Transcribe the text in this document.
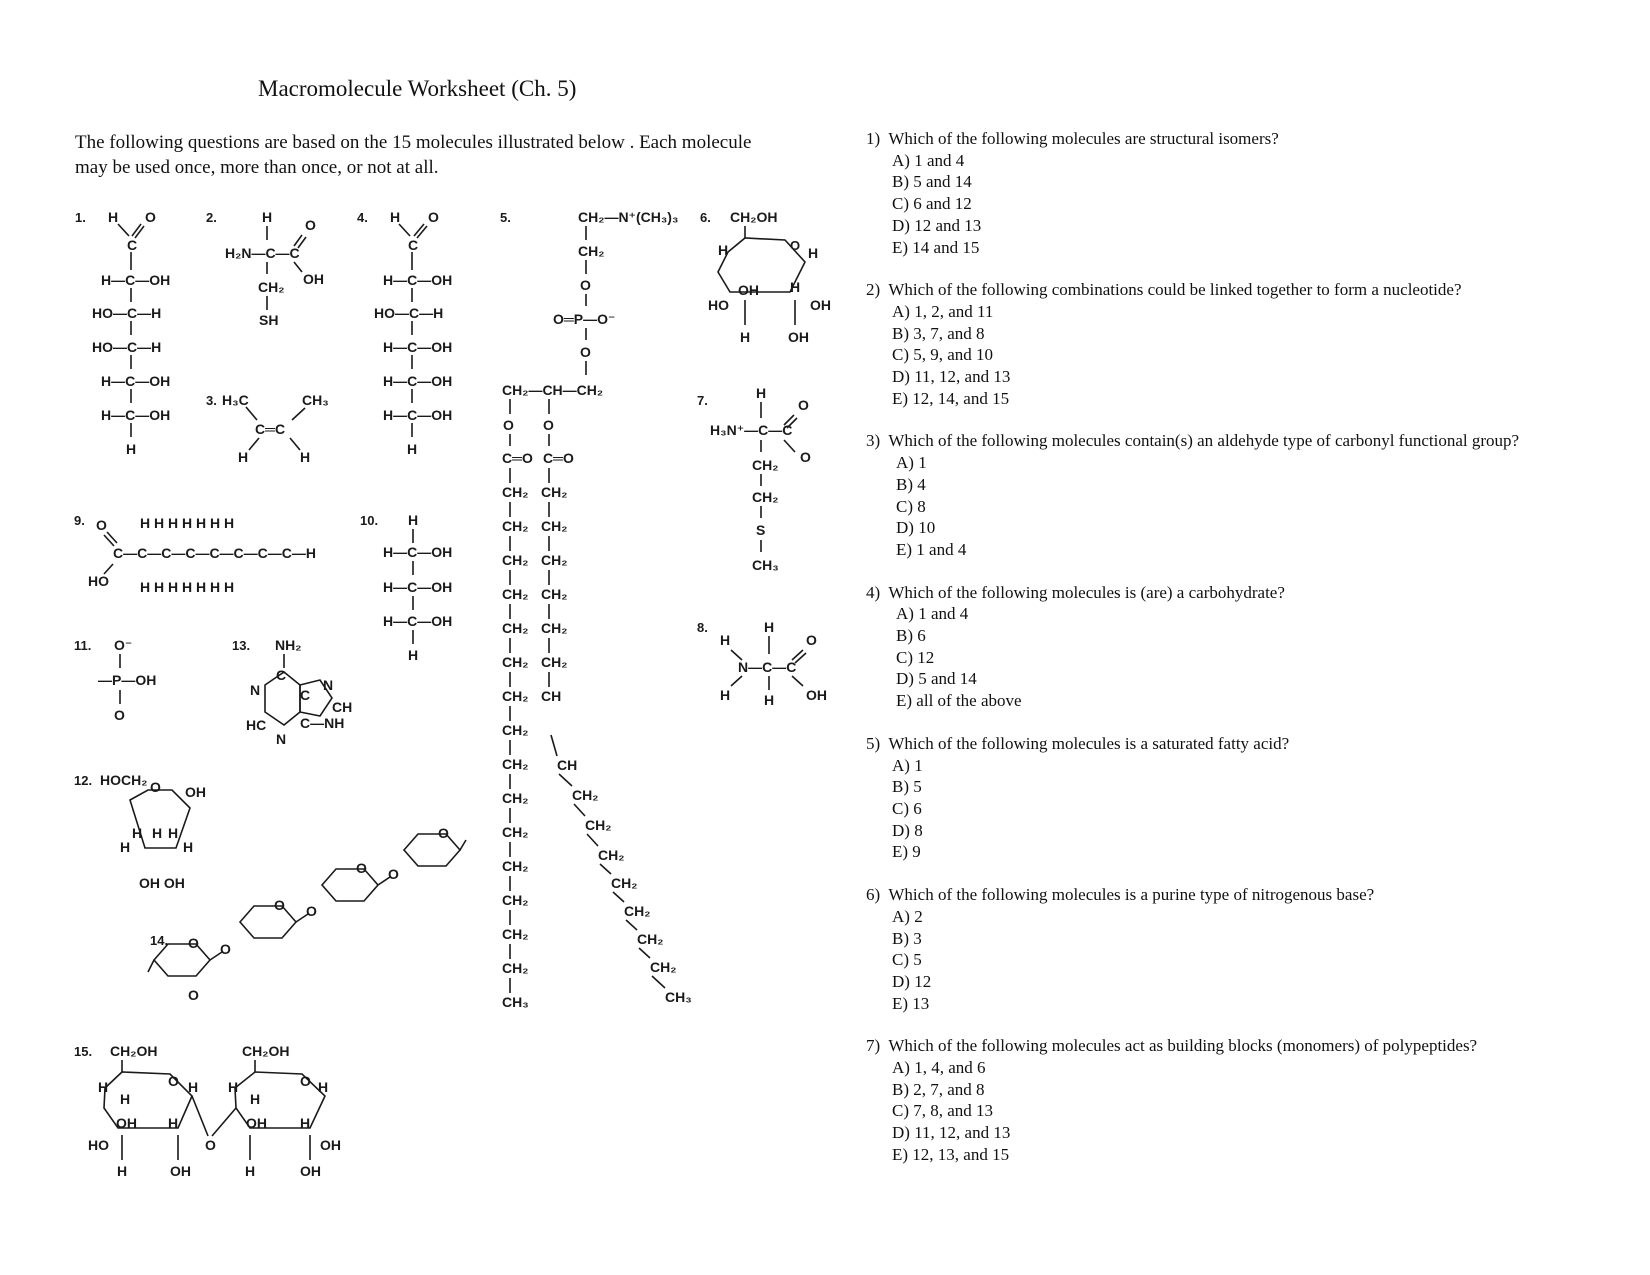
Macromolecule Worksheet (Ch. 5)
The following questions are based on the 15 molecules illustrated below . Each molecule may be used once, more than once, or not at all.
1. H O
C
H—C—OH
HO—C—H
HO—C—H
H—C—OH
H—C—OH
H
2.	H
H₂N—C—C
O
OH
CH₂
SH
3. H₃C	CH₃
C═C
H	H
4. H O
C
H—C—OH
HO—C—H
H—C—OH
H—C—OH
H—C—OH
H
5.	CH₂—N⁺(CH₃)₃
CH₂
O
O═P—O⁻
O
CH₂—CH—CH₂
O O
C═O C═O
CH₂
CH₂
CH₂
CH₂
CH₂
CH₂
CH₂
CH₂
CH₂
CH₂
CH₂
CH₂
CH₂
CH₂
CH₂
CH₃
CH₂
CH₂
CH₂
CH₂
CH₂
CH₂
CH
CH
CH₂
CH₂
CH₂
CH₂
CH₂
CH₂
CH₂
CH₃
6. CH₂OH
O
H	H
OH H
HO	OH
H	OH
7.	H
H₃N⁺—C—C
O
O
CH₂
CH₂
S
CH₃
8.
H
H
O
N—C—C
H H OH
9. O
C—C—C—C—C—C—C—C—H
HO
H H H H H H H
H H H H H H H
10. H
H—C—OH
H—C—OH
H—C—OH
H
11. O⁻
—P—OH
O
12. HOCH₂ O OH
H H H
H	H
OH OH
13. NH₂
N
C
N
CH
HC C—NH
N
C
14. O O
O O
O O
O
O
15. CH₂OH	CH₂OH
O	O
H
H
H H
H
H
OH H	OH H
HO	O	OH
H	OH	H	OH
1) Which of the following molecules are structural isomers?
A) 1 and 4
B) 5 and 14
C) 6 and 12
D) 12 and 13
E) 14 and 15
2) Which of the following combinations could be linked together to form a nucleotide?
A) 1, 2, and 11
B) 3, 7, and 8
C) 5, 9, and 10
D) 11, 12, and 13
E) 12, 14, and 15
3) Which of the following molecules contain(s) an aldehyde type of carbonyl functional group?
A) 1
B) 4
C) 8
D) 10
E) 1 and 4
4) Which of the following molecules is (are) a carbohydrate?
A) 1 and 4
B) 6
C) 12
D) 5 and 14
E) all of the above
5) Which of the following molecules is a saturated fatty acid?
A) 1
B) 5
C) 6
D) 8
E) 9
6) Which of the following molecules is a purine type of nitrogenous base?
A) 2
B) 3
C) 5
D) 12
E) 13
7) Which of the following molecules act as building blocks (monomers) of polypeptides?
A) 1, 4, and 6
B) 2, 7, and 8
C) 7, 8, and 13
D) 11, 12, and 13
E) 12, 13, and 15
